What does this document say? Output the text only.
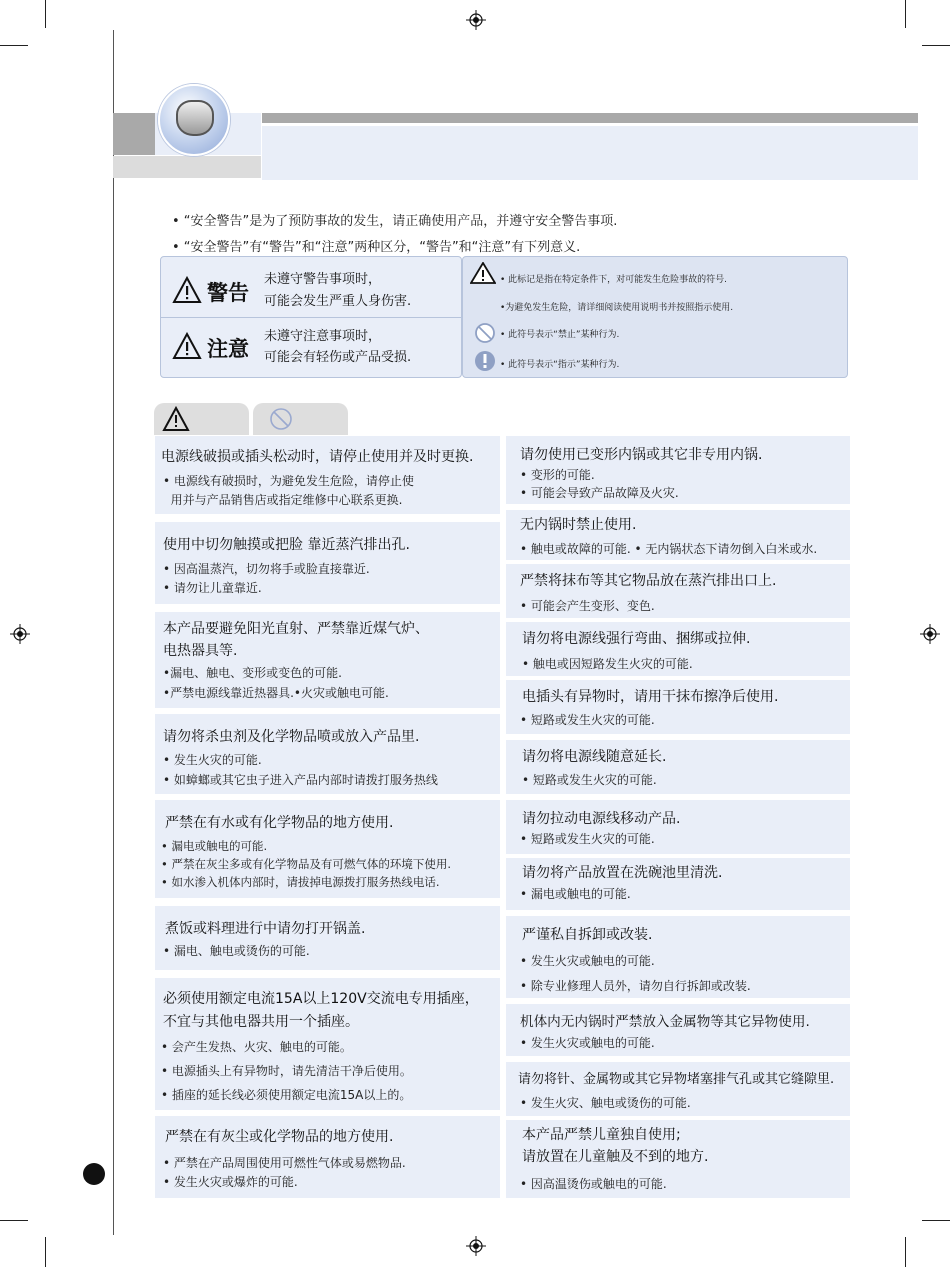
• “安全警告”是为了预防事故的发生，请正确使用产品，并遵守安全警告事项.
• “安全警告”有“警告”和“注意”两种区分，“警告”和“注意”有下列意义.
警告
未遵守警告事项时，
可能会发生严重人身伤害.
注意
未遵守注意事项时，
可能会有轻伤或产品受损.
• 此标记是指在特定条件下，对可能发生危险事故的符号.
•为避免发生危险，请详细阅读使用说明书并按照指示使用.
• 此符号表示“禁止”某种行为.
• 此符号表示“指示”某种行为.
电源线破损或插头松动时，请停止使用并及时更换.
• 电源线有破损时，为避免发生危险，请停止使
用并与产品销售店或指定维修中心联系更换.
使用中切勿触摸或把脸 靠近蒸汽排出孔.
• 因高温蒸汽，切勿将手或脸直接靠近.
• 请勿让儿童靠近.
本产品要避免阳光直射、严禁靠近煤气炉、
电热器具等.
•漏电、触电、变形或变色的可能.
•严禁电源线靠近热器具.•火灾或触电可能.
请勿将杀虫剂及化学物品喷或放入产品里.
• 发生火灾的可能.
• 如蟑螂或其它虫子进入产品内部时请拨打服务热线
严禁在有水或有化学物品的地方使用.
• 漏电或触电的可能.
• 严禁在灰尘多或有化学物品及有可燃气体的环境下使用.
• 如水渗入机体内部时，请拔掉电源拨打服务热线电话.
煮饭或料理进行中请勿打开锅盖.
• 漏电、触电或烫伤的可能.
必须使用额定电流15A以上120V交流电专用插座，
不宜与其他电器共用一个插座。
• 会产生发热、火灾、触电的可能。
• 电源插头上有异物时，请先清洁干净后使用。
• 插座的延长线必须使用额定电流15A以上的。
严禁在有灰尘或化学物品的地方使用.
• 严禁在产品周围使用可燃性气体或易燃物品.
• 发生火灾或爆炸的可能.
请勿使用已变形内锅或其它非专用内锅.
• 变形的可能.
• 可能会导致产品故障及火灾.
无内锅时禁止使用.
• 触电或故障的可能. • 无内锅状态下请勿倒入白米或水.
严禁将抹布等其它物品放在蒸汽排出口上.
• 可能会产生变形、变色.
请勿将电源线强行弯曲、捆绑或拉伸.
• 触电或因短路发生火灾的可能.
电插头有异物时，请用干抹布擦净后使用.
• 短路或发生火灾的可能.
请勿将电源线随意延长.
• 短路或发生火灾的可能.
请勿拉动电源线移动产品.
• 短路或发生火灾的可能.
请勿将产品放置在洗碗池里清洗.
• 漏电或触电的可能.
严谨私自拆卸或改装.
• 发生火灾或触电的可能.
• 除专业修理人员外，请勿自行拆卸或改装.
机体内无内锅时严禁放入金属物等其它异物使用.
• 发生火灾或触电的可能.
请勿将针、金属物或其它异物堵塞排气孔或其它缝隙里.
• 发生火灾、触电或烫伤的可能.
本产品严禁儿童独自使用;
请放置在儿童触及不到的地方.
• 因高温烫伤或触电的可能.
